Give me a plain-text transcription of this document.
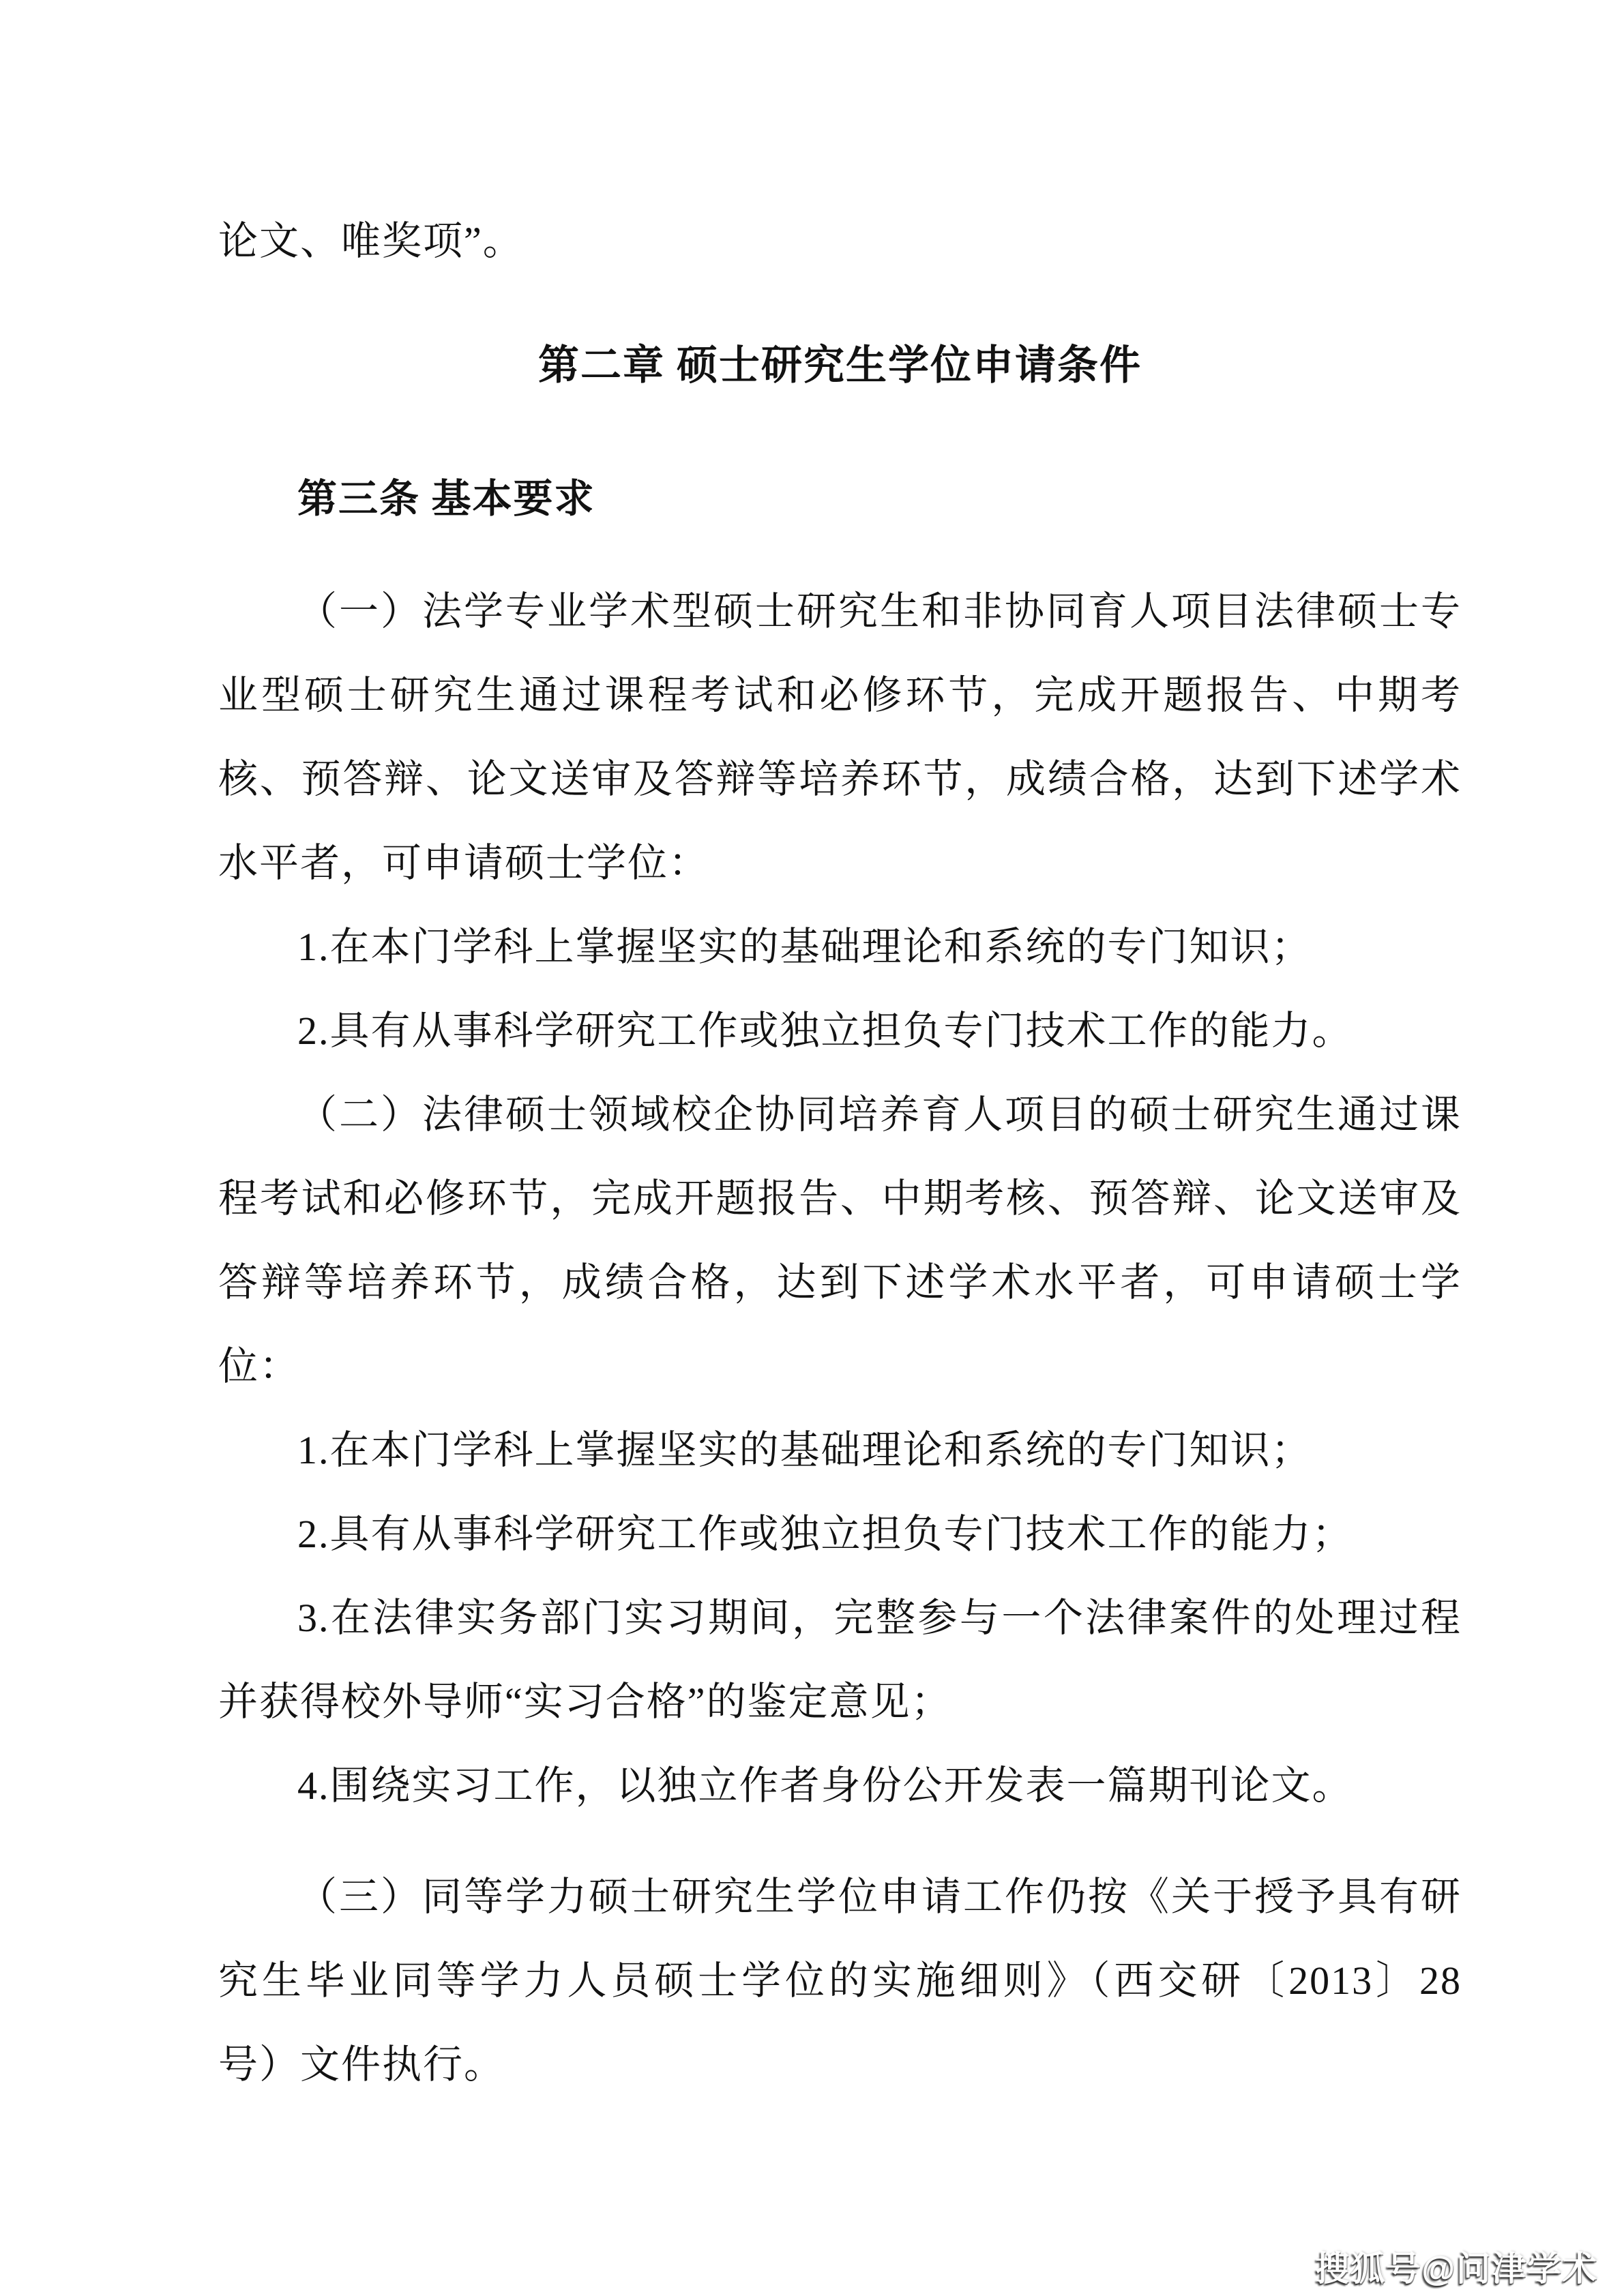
论文、唯奖项”。

第二章 硕士研究生学位申请条件

第三条 基本要求

（一）法学专业学术型硕士研究生和非协同育人项目法律硕士专业型硕士研究生通过课程考试和必修环节，完成开题报告、中期考核、预答辩、论文送审及答辩等培养环节，成绩合格，达到下述学术水平者，可申请硕士学位：

1.在本门学科上掌握坚实的基础理论和系统的专门知识；

2.具有从事科学研究工作或独立担负专门技术工作的能力。

（二）法律硕士领域校企协同培养育人项目的硕士研究生通过课程考试和必修环节，完成开题报告、中期考核、预答辩、论文送审及答辩等培养环节，成绩合格，达到下述学术水平者，可申请硕士学位：

1.在本门学科上掌握坚实的基础理论和系统的专门知识；

2.具有从事科学研究工作或独立担负专门技术工作的能力；

3.在法律实务部门实习期间，完整参与一个法律案件的处理过程并获得校外导师“实习合格”的鉴定意见；

4.围绕实习工作，以独立作者身份公开发表一篇期刊论文。

（三）同等学力硕士研究生学位申请工作仍按《关于授予具有研究生毕业同等学力人员硕士学位的实施细则》（西交研〔2013〕28 号）文件执行。

搜狐号@问津学术
